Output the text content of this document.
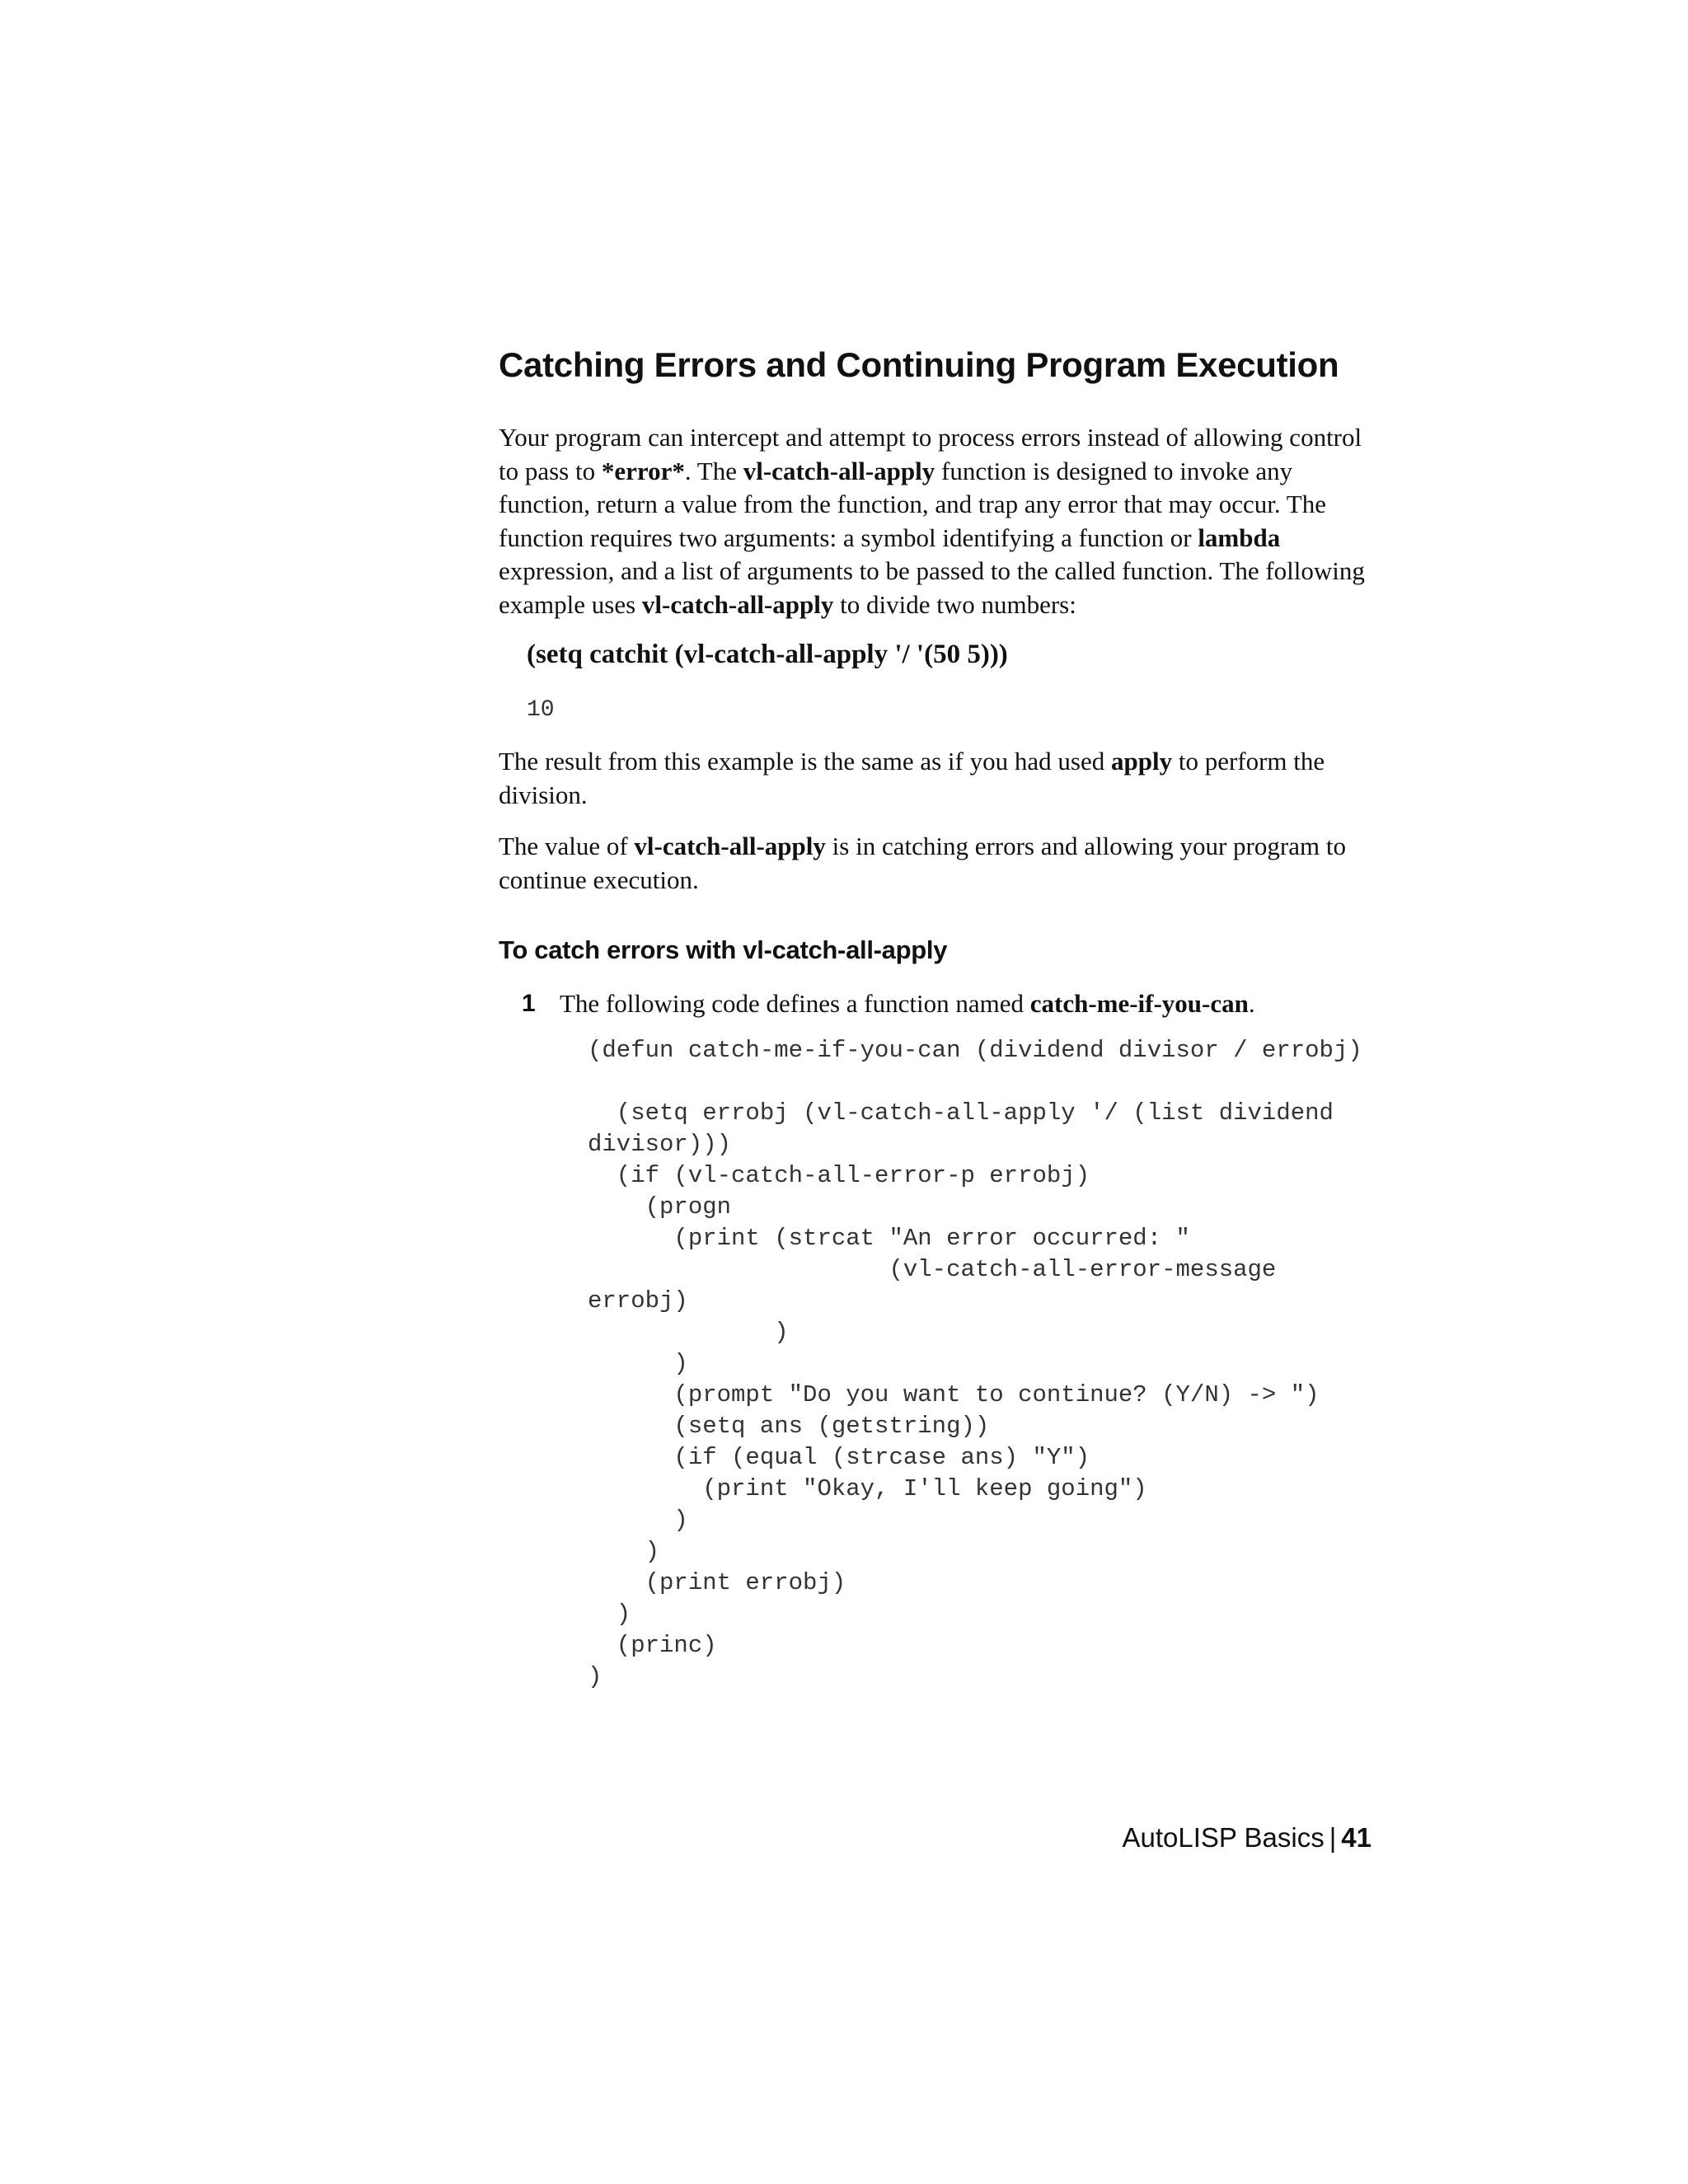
Catching Errors and Continuing Program Execution

Your program can intercept and attempt to process errors instead of allowing control to pass to *error*. The vl-catch-all-apply function is designed to invoke any function, return a value from the function, and trap any error that may occur. The function requires two arguments: a symbol identifying a function or lambda expression, and a list of arguments to be passed to the called function. The following example uses vl-catch-all-apply to divide two numbers:

(setq catchit (vl-catch-all-apply '/ '(50 5)))
10

The result from this example is the same as if you had used apply to perform the division.

The value of vl-catch-all-apply is in catching errors and allowing your program to continue execution.

To catch errors with vl-catch-all-apply
1 The following code defines a function named catch-me-if-you-can.
(defun catch-me-if-you-can (dividend divisor / errobj)

(setq errobj (vl-catch-all-apply '/ (list dividend
divisor)))
(if (vl-catch-all-error-p errobj)
(progn
(print (strcat "An error occurred: "
(vl-catch-all-error-message
errobj)
)
)
(prompt "Do you want to continue? (Y/N) -> ")
(setq ans (getstring))
(if (equal (strcase ans) "Y")
(print "Okay, I'll keep going")
)
)
(print errobj)
)
(princ)
)
AutoLISP Basics | 41
